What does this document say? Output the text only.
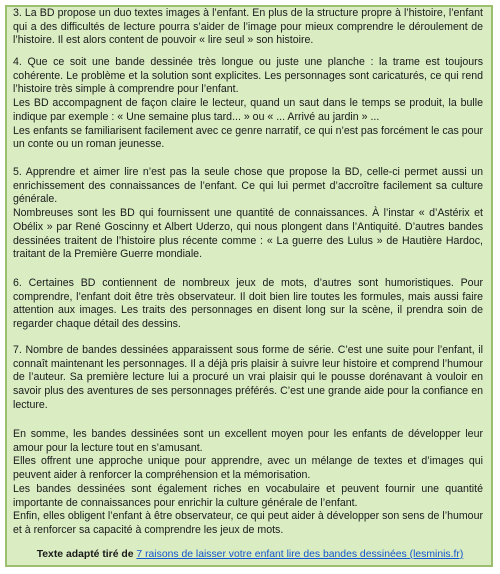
3. La BD propose un duo textes images à l’enfant. En plus de la structure propre à l’histoire, l’enfant qui a des difficultés de lecture pourra s’aider de l’image pour mieux comprendre le déroulement de l’histoire. Il est alors content de pouvoir « lire seul » son histoire.

4. Que ce soit une bande dessinée très longue ou juste une planche : la trame est toujours cohérente. Le problème et la solution sont explicites. Les personnages sont caricaturés, ce qui rend l’histoire très simple à comprendre pour l’enfant.

Les BD accompagnent de façon claire le lecteur, quand un saut dans le temps se produit, la bulle indique par exemple : « Une semaine plus tard... » ou « ... Arrivé au jardin » ...

Les enfants se familiarisent facilement avec ce genre narratif, ce qui n’est pas forcément le cas pour un conte ou un roman jeunesse.

5. Apprendre et aimer lire n’est pas la seule chose que propose la BD, celle-ci permet aussi un enrichissement des connaissances de l’enfant. Ce qui lui permet d’accroître facilement sa culture générale.

Nombreuses sont les BD qui fournissent une quantité de connaissances. À l’instar « d’Astérix et Obélix » par René Goscinny et Albert Uderzo, qui nous plongent dans l’Antiquité. D’autres bandes dessinées traitent de l’histoire plus récente comme : « La guerre des Lulus » de Hautière Hardoc, traitant de la Première Guerre mondiale.

6. Certaines BD contiennent de nombreux jeux de mots, d’autres sont humoristiques. Pour comprendre, l’enfant doit être très observateur. Il doit bien lire toutes les formules, mais aussi faire attention aux images. Les traits des personnages en disent long sur la scène, il prendra soin de regarder chaque détail des dessins.

7. Nombre de bandes dessinées apparaissent sous forme de série. C’est une suite pour l’enfant, il connaît maintenant les personnages. Il a déjà pris plaisir à suivre leur histoire et comprend l’humour de l’auteur. Sa première lecture lui a procuré un vrai plaisir qui le pousse dorénavant à vouloir en savoir plus des aventures de ses personnages préférés. C’est une grande aide pour la confiance en lecture.

En somme, les bandes dessinées sont un excellent moyen pour les enfants de développer leur amour pour la lecture tout en s’amusant.

Elles offrent une approche unique pour apprendre, avec un mélange de textes et d’images qui peuvent aider à renforcer la compréhension et la mémorisation.

Les bandes dessinées sont également riches en vocabulaire et peuvent fournir une quantité importante de connaissances pour enrichir la culture générale de l’enfant.

Enfin, elles obligent l’enfant à être observateur, ce qui peut aider à développer son sens de l’humour et à renforcer sa capacité à comprendre les jeux de mots.

Texte adapté tiré de 7 raisons de laisser votre enfant lire des bandes dessinées (lesminis.fr)
